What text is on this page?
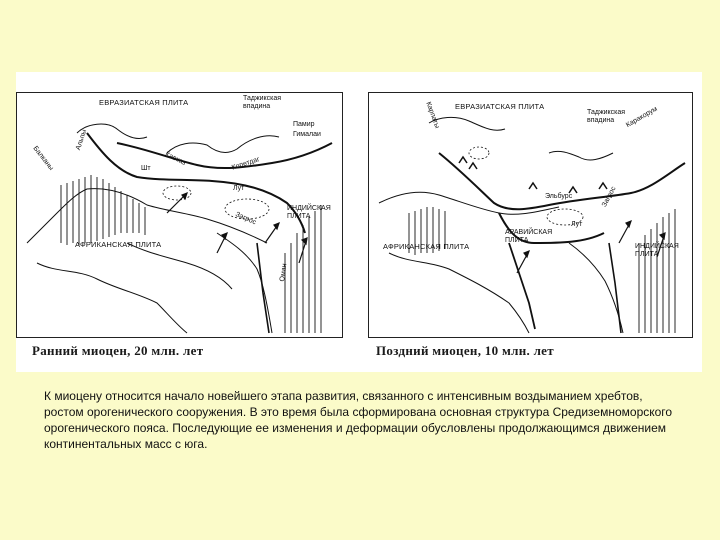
ЕВРАЗИАТСКАЯ ПЛИТА	Таджикская
впадина
Памир
Гималаи
АФРИКАНСКАЯ ПЛИТА
ИНДИЙСКАЯ
ПЛИТА
Лут
Загрос
Шт
Альпы
Балканы	Копетдаг
Кавказ
Оман
ЕВРАЗИАТСКАЯ ПЛИТА
Таджикская
впадина
АФРИКАНСКАЯ ПЛИТА
АРАВИЙСКАЯ
ПЛИТА
ИНДИЙСКАЯ
ПЛИТА
Лут
Эльбурс
Каракорум
Карпаты
Загрос
Ранний миоцен, 20 млн. лет	Поздний миоцен, 10 млн. лет
К миоцену относится начало новейшего этапа развития, связанного с интенсивным воздыманием хребтов, ростом орогенического сооружения. В это время была сформирована основная структура Средиземноморского орогенического пояса. Последующие ее изменения и деформации обусловлены продолжающимся движением континентальных масс с юга.
